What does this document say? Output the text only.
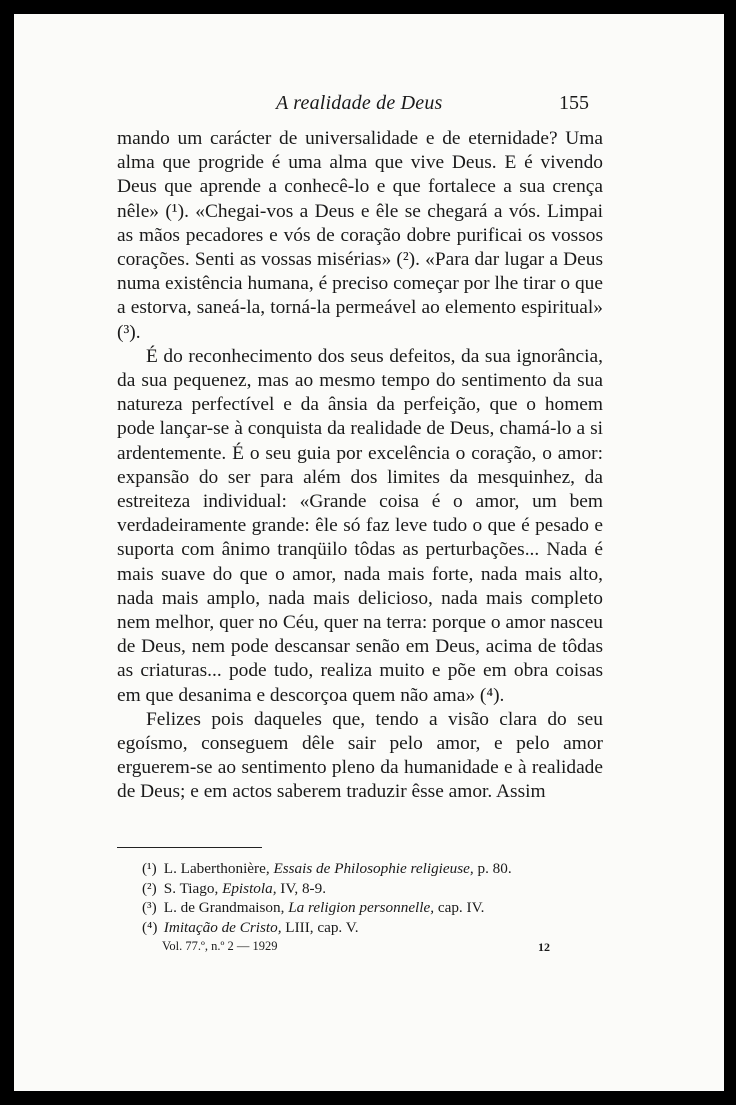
A realidade de Deus	155

mando um carácter de universalidade e de eternidade? Uma alma que progride é uma alma que vive Deus. E é vivendo Deus que aprende a conhecê-lo e que fortalece a sua crença nêle» (¹). «Chegai-vos a Deus e êle se chegará a vós. Limpai as mãos pecadores e vós de coração dobre purificai os vossos corações. Senti as vossas misérias» (²). «Para dar lugar a Deus numa existência humana, é preciso começar por lhe tirar o que a estorva, saneá-la, torná-la permeável ao elemento espiritual» (³).

É do reconhecimento dos seus defeitos, da sua ignorância, da sua pequenez, mas ao mesmo tempo do sentimento da sua natureza perfectível e da ânsia da perfeição, que o homem pode lançar-se à conquista da realidade de Deus, chamá-lo a si ardentemente. É o seu guia por excelência o coração, o amor: expansão do ser para além dos limites da mesquinhez, da estreiteza individual: «Grande coisa é o amor, um bem verdadeiramente grande: êle só faz leve tudo o que é pesado e suporta com ânimo tranqüilo tôdas as perturbações... Nada é mais suave do que o amor, nada mais forte, nada mais alto, nada mais amplo, nada mais delicioso, nada mais completo nem melhor, quer no Céu, quer na terra: porque o amor nasceu de Deus, nem pode descansar senão em Deus, acima de tôdas as criaturas... pode tudo, realiza muito e põe em obra coisas em que desanima e descorçoa quem não ama» (⁴).

Felizes pois daqueles que, tendo a visão clara do seu egoísmo, conseguem dêle sair pelo amor, e pelo amor erguerem-se ao sentimento pleno da humanidade e à realidade de Deus; e em actos saberem traduzir êsse amor. Assim

(¹) L. Laberthonière, Essais de Philosophie religieuse, p. 80.
(²) S. Tiago, Epistola, IV, 8-9.
(³) L. de Grandmaison, La religion personnelle, cap. IV.
(⁴) Imitação de Cristo, LIII, cap. V.
Vol. 77.º, n.º 2 — 1929	12
